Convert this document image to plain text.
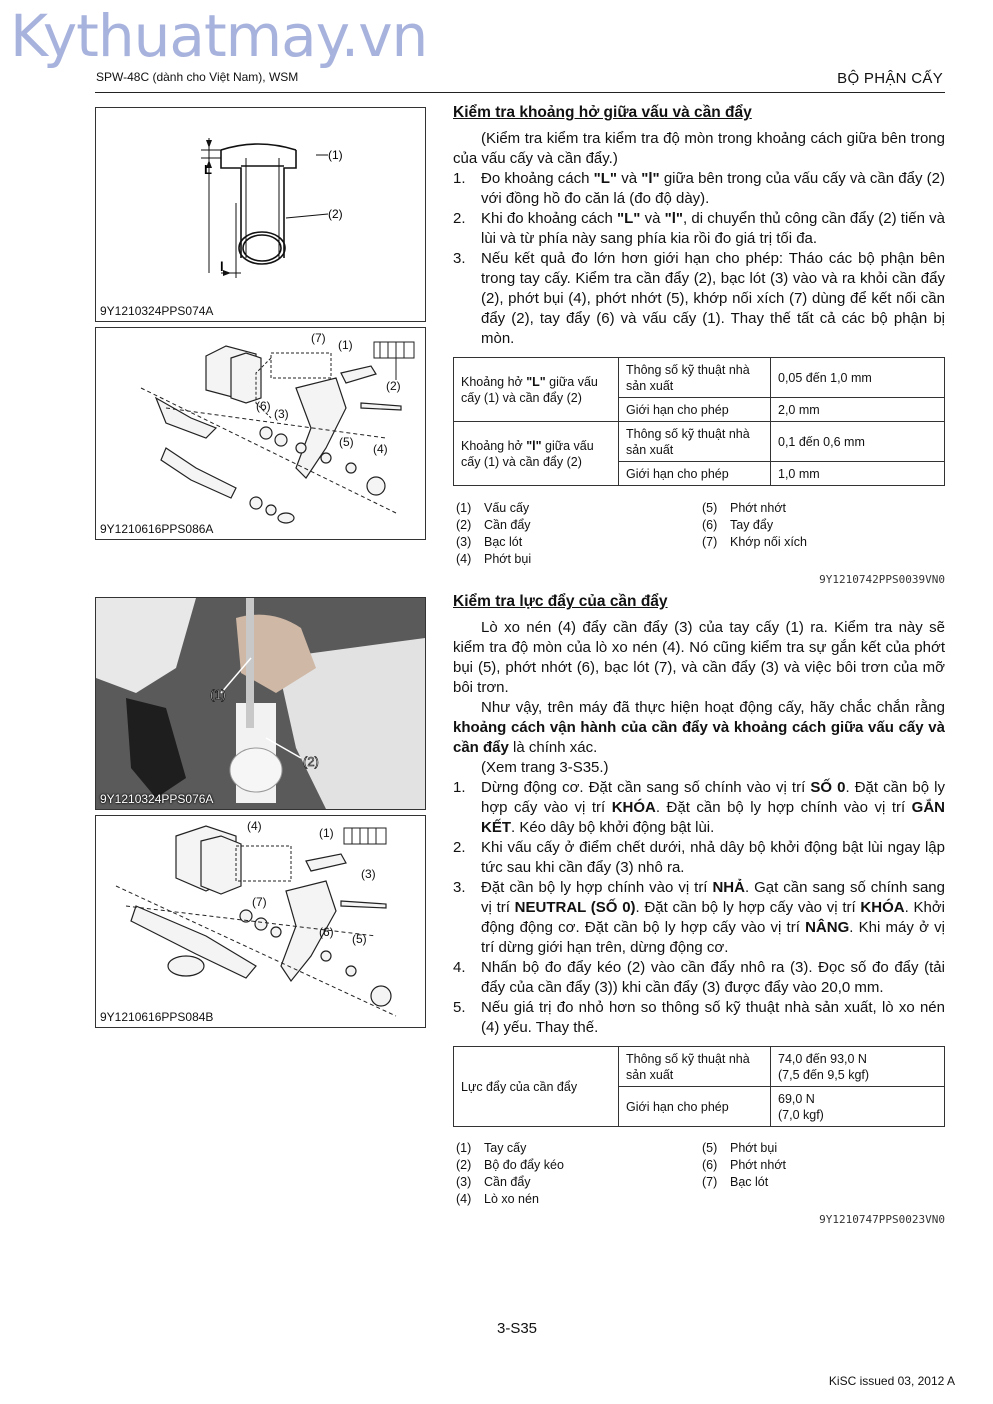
Kythuatmay.vn
SPW-48C (dành cho Việt Nam), WSM	BỘ PHẬN CẤY
L
l
(1)
(2)
9Y1210324PPS074A
(7) (1)
(2)
(6)
(3)
(5) (4)
9Y1210616PPS086A
(1)
(2)
9Y1210324PPS076A
(4)	(1)
(3)
(7)
(6) (5)
9Y1210616PPS084B
Kiểm tra khoảng hở giữa vấu và cần đẩy

(Kiểm tra kiểm tra kiểm tra độ mòn trong khoảng cách giữa bên trong của vấu cấy và cần đẩy.)

1. Đo khoảng cách "L" và "l" giữa bên trong của vấu cấy và cần đẩy (2) với đồng hồ đo căn lá (đo độ dày).
2. Khi đo khoảng cách "L" và "l", di chuyển thủ công cần đẩy (2) tiến và lùi và từ phía này sang phía kia rồi đo giá trị tối đa.
3. Nếu kết quả đo lớn hơn giới hạn cho phép: Tháo các bộ phận bên trong tay cấy. Kiểm tra cần đẩy (2), bạc lót (3) vào và ra khỏi cần đẩy (2), phớt bụi (4), phớt nhớt (5), khớp nối xích (7) dùng để kết nối cần đẩy (2), tay đẩy (6) và vấu cấy (1). Thay thế tất cả các bộ phận bị mòn.
Khoảng hở "L" giữa vấu cấy (1) và cần đẩy (2)	Thông số kỹ thuật nhà sản xuất	0,05 đến 1,0 mm
	Giới hạn cho phép	2,0 mm
Khoảng hở "l" giữa vấu cấy (1) và cần đẩy (2)	Thông số kỹ thuật nhà sản xuất	0,1 đến 0,6 mm
	Giới hạn cho phép	1,0 mm
(1)	Vấu cấy
(2)	Cần đẩy
(3)	Bạc lót
(4)	Phớt bụi
(5)	Phớt nhớt
(6)	Tay đẩy
(7)	Khớp nối xích
9Y1210742PPS0039VN0
Kiểm tra lực đẩy của cần đẩy

Lò xo nén (4) đẩy cần đẩy (3) của tay cấy (1) ra. Kiểm tra này sẽ kiểm tra độ mòn của lò xo nén (4). Nó cũng kiểm tra sự gắn kết của phớt bụi (5), phớt nhớt (6), bạc lót (7), và cần đẩy (3) và việc bôi trơn của mỡ bôi trơn.

Như vậy, trên máy đã thực hiện hoạt động cấy, hãy chắc chắn rằng khoảng cách vận hành của cần đẩy và khoảng cách giữa vấu cấy và cần đẩy là chính xác.

(Xem trang 3-S35.)

1. Dừng động cơ. Đặt cần sang số chính vào vị trí SỐ 0. Đặt cần bộ ly hợp cấy vào vị trí KHÓA. Đặt cần bộ ly hợp chính vào vị trí GẮN KẾT. Kéo dây bộ khởi động bật lùi.
2. Khi vấu cấy ở điểm chết dưới, nhả dây bộ khởi động bật lùi ngay lập tức sau khi cần đẩy (3) nhô ra.
3. Đặt cần bộ ly hợp chính vào vị trí NHẢ. Gạt cần sang số chính sang vị trí NEUTRAL (SỐ 0). Đặt cần bộ ly hợp cấy vào vị trí KHÓA. Khởi động động cơ. Đặt cần bộ ly hợp cấy vào vị trí NÂNG. Khi máy ở vị trí dừng giới hạn trên, dừng động cơ.
4. Nhấn bộ đo đẩy kéo (2) vào cần đẩy nhô ra (3). Đọc số đo đẩy (tải đẩy của cần đẩy (3)) khi cần đẩy (3) được đẩy vào 20,0 mm.
5. Nếu giá trị đo nhỏ hơn so thông số kỹ thuật nhà sản xuất, lò xo nén (4) yếu. Thay thế.
Lực đẩy của cần đẩy	Thông số kỹ thuật nhà sản xuất	74,0 đến 93,0 N
(7,5 đến 9,5 kgf)

	Giới hạn cho phép	69,0 N
(7,0 kgf)
(1)	Tay cấy
(2)	Bộ đo đẩy kéo
(3)	Cần đẩy
(4)	Lò xo nén
(5)	Phớt bụi
(6)	Phớt nhớt
(7)	Bạc lót
9Y1210747PPS0023VN0
3-S35
KiSC issued 03, 2012 A
